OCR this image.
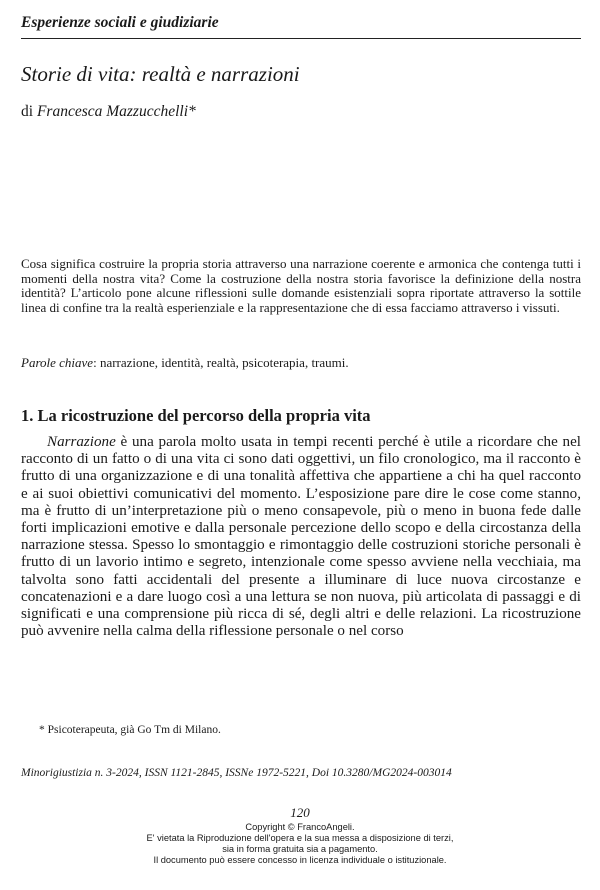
Esperienze sociali e giudiziarie
Storie di vita: realtà e narrazioni
di Francesca Mazzucchelli*
Cosa significa costruire la propria storia attraverso una narrazione coerente e armonica che contenga tutti i momenti della nostra vita? Come la costruzione della nostra storia favorisce la definizione della nostra identità? L’articolo pone alcune riflessioni sulle domande esistenziali sopra riportate attraverso la sottile linea di confine tra la realtà esperienziale e la rappresentazione che di essa facciamo attraverso i vissuti.
Parole chiave: narrazione, identità, realtà, psicoterapia, traumi.
1. La ricostruzione del percorso della propria vita
Narrazione è una parola molto usata in tempi recenti perché è utile a ricordare che nel racconto di un fatto o di una vita ci sono dati oggettivi, un filo cronologico, ma il racconto è frutto di una organizzazione e di una tonalità affettiva che appartiene a chi ha quel racconto e ai suoi obiettivi comunicativi del momento. L’esposizione pare dire le cose come stanno, ma è frutto di un’interpretazione più o meno consapevole, più o meno in buona fede dalle forti implicazioni emotive e dalla personale percezione dello scopo e della circostanza della narrazione stessa. Spesso lo smontaggio e rimontaggio delle costruzioni storiche personali è frutto di un lavorio intimo e segreto, intenzionale come spesso avviene nella vecchiaia, ma talvolta sono fatti accidentali del presente a illuminare di luce nuova circostanze e concatenazioni e a dare luogo così a una lettura se non nuova, più articolata di passaggi e di significati e una comprensione più ricca di sé, degli altri e delle relazioni. La ricostruzione può avvenire nella calma della riflessione personale o nel corso
* Psicoterapeuta, già Go Tm di Milano.
Minorigiustizia n. 3-2024, ISSN 1121-2845, ISSNe 1972-5221, Doi 10.3280/MG2024-003014
120
Copyright © FrancoAngeli.
E' vietata la Riproduzione dell'opera e la sua messa a disposizione di terzi,
sia in forma gratuita sia a pagamento.
Il documento può essere concesso in licenza individuale o istituzionale.
